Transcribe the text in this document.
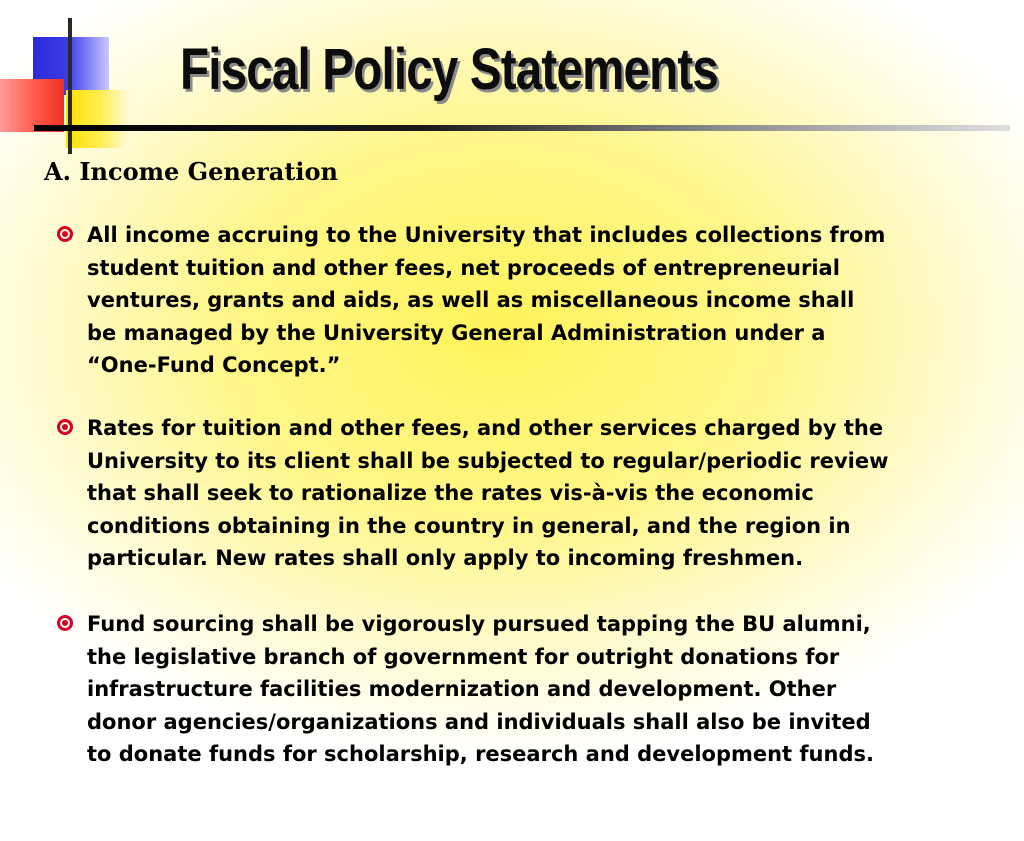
Fiscal Policy Statements
A. Income Generation
All income accruing to the University that includes collections from
student tuition and other fees, net proceeds of entrepreneurial
ventures, grants and aids, as well as miscellaneous income shall
be managed by the University General Administration under a
“One-Fund Concept.”
Rates for tuition and other fees, and other services charged by the
University to its client shall be subjected to regular/periodic review
that shall seek to rationalize the rates vis-à-vis the economic
conditions obtaining in the country in general, and the region in
particular. New rates shall only apply to incoming freshmen.
Fund sourcing shall be vigorously pursued tapping the BU alumni,
the legislative branch of government for outright donations for
infrastructure facilities modernization and development. Other
donor agencies/organizations and individuals shall also be invited
to donate funds for scholarship, research and development funds.
